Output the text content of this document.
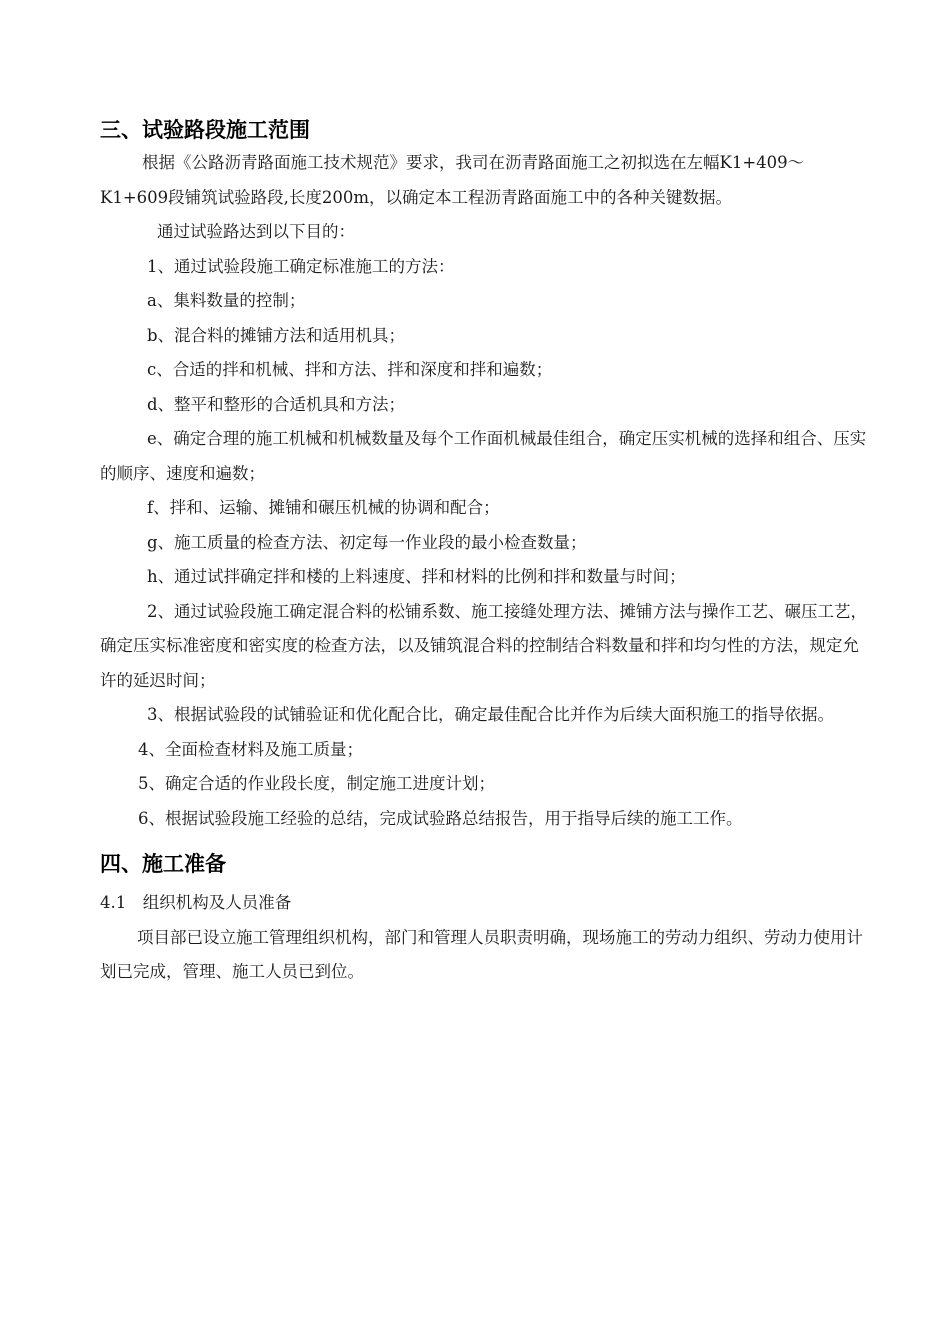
三、试验路段施工范围

根据《公路沥青路面施工技术规范》要求，我司在沥青路面施工之初拟选在左幅K1+409～K1+609段铺筑试验路段,长度200m，以确定本工程沥青路面施工中的各种关键数据。

通过试验路达到以下目的：

1、通过试验段施工确定标准施工的方法：

a、集料数量的控制；

b、混合料的摊铺方法和适用机具；

c、合适的拌和机械、拌和方法、拌和深度和拌和遍数；

d、整平和整形的合适机具和方法；

e、确定合理的施工机械和机械数量及每个工作面机械最佳组合，确定压实机械的选择和组合、压实的顺序、速度和遍数；

f、拌和、运输、摊铺和碾压机械的协调和配合；

g、施工质量的检查方法、初定每一作业段的最小检查数量；

h、通过试拌确定拌和楼的上料速度、拌和材料的比例和拌和数量与时间；

2、通过试验段施工确定混合料的松铺系数、施工接缝处理方法、摊铺方法与操作工艺、碾压工艺，确定压实标准密度和密实度的检查方法，以及铺筑混合料的控制结合料数量和拌和均匀性的方法，规定允许的延迟时间；

3、根据试验段的试铺验证和优化配合比，确定最佳配合比并作为后续大面积施工的指导依据。

4、全面检查材料及施工质量；

5、确定合适的作业段长度，制定施工进度计划；

6、根据试验段施工经验的总结，完成试验路总结报告，用于指导后续的施工工作。

四、施工准备

4.1　组织机构及人员准备

项目部已设立施工管理组织机构，部门和管理人员职责明确，现场施工的劳动力组织、劳动力使用计划已完成，管理、施工人员已到位。
